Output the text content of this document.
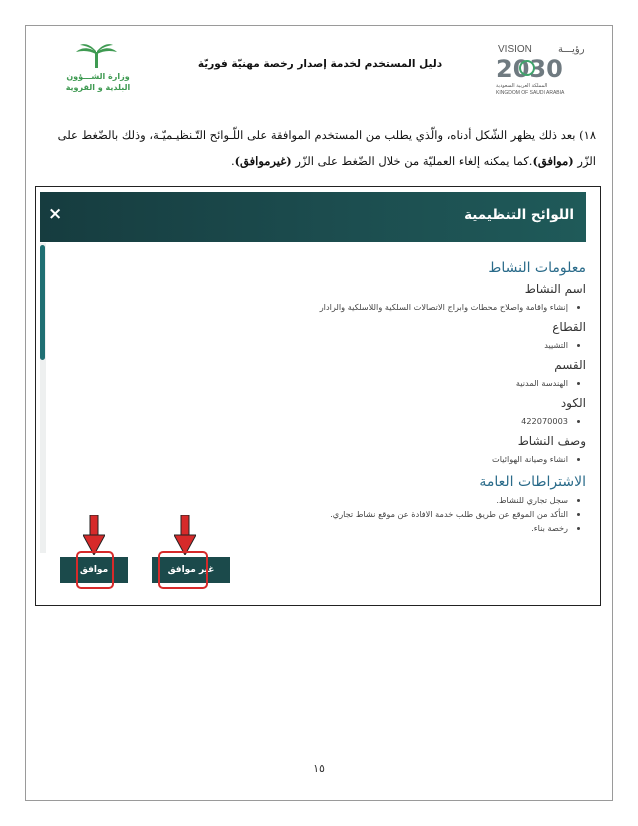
VISION	رؤيـــة
2030
المملكة العربية السعودية
KINGDOM OF SAUDI ARABIA
دليل المستخدم لخدمة إصدار رخصة مهنيّة فوريّة
وزارة الشـــؤون
البلدية و القروية
١٨) بعد ذلك يظهر الشّكل أدناه، والّذي يطلب من المستخدم الموافقة على اللّـوائح التّـنظيـميّـة، وذلك بالضّغط على
الزّر (موافق).كما يمكنه إلغاء العمليّة من خلال الضّغط على الزّر (غيرموافق).
اللوائح التنظيمية
×
معلومات النشاط
اسم النشاط
• إنشاء واقامة واصلاح محطات وابراج الاتصالات السلكية واللاسلكية والرادار
القطاع
• التشييد
القسم
• الهندسة المدنية
الكود
• 422070003
وصف النشاط
• انشاء وصيانة الهوائيات
الاشتراطات العامة
• سجل تجاري للنشاط.
• التأكد من الموقع عن طريق طلب خدمة الافادة عن موقع نشاط تجاري.
• رخصة بناء.
موافق	غير موافق
١٥
